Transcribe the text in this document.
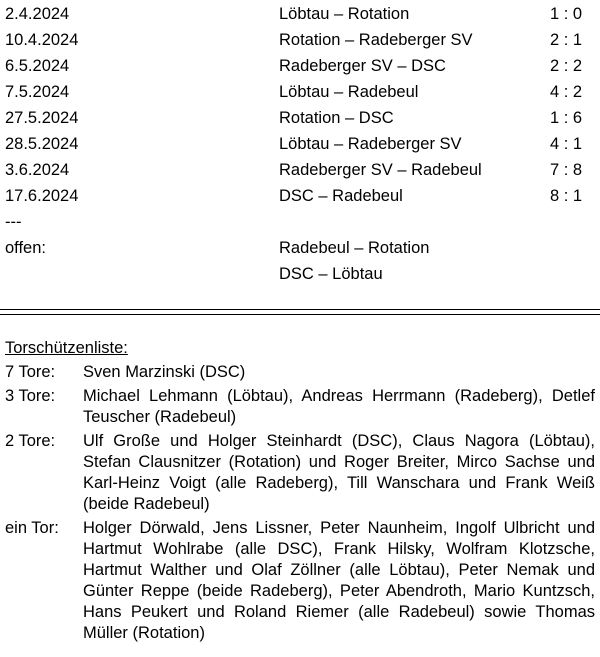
2.4.2024	Löbtau – Rotation	1 : 0
10.4.2024	Rotation – Radeberger SV	2 : 1
6.5.2024	Radeberger SV – DSC	2 : 2
7.5.2024	Löbtau – Radebeul	4 : 2
27.5.2024	Rotation – DSC	1 : 6
28.5.2024	Löbtau – Radeberger SV	4 : 1
3.6.2024	Radeberger SV – Radebeul	7 : 8
17.6.2024	DSC – Radebeul	8 : 1
---
offen:	Radebeul – Rotation
DSC – Löbtau
Torschützenliste:
7 Tore:	Sven Marzinski (DSC)
3 Tore:	Michael Lehmann (Löbtau), Andreas Herrmann (Radeberg), Detlef Teuscher (Radebeul)
2 Tore:	Ulf Große und Holger Steinhardt (DSC), Claus Nagora (Löbtau), Stefan Clausnitzer (Rotation) und Roger Breiter, Mirco Sachse und Karl-Heinz Voigt (alle Radeberg), Till Wanschara und Frank Weiß (beide Radebeul)
ein Tor:	Holger Dörwald, Jens Lissner, Peter Naunheim, Ingolf Ulbricht und Hartmut Wohlrabe (alle DSC), Frank Hilsky, Wolfram Klotzsche, Hartmut Walther und Olaf Zöllner (alle Löbtau), Peter Nemak und Günter Reppe (beide Radeberg), Peter Abendroth, Mario Kuntzsch, Hans Peukert und Roland Riemer (alle Radebeul) sowie Thomas Müller (Rotation)
